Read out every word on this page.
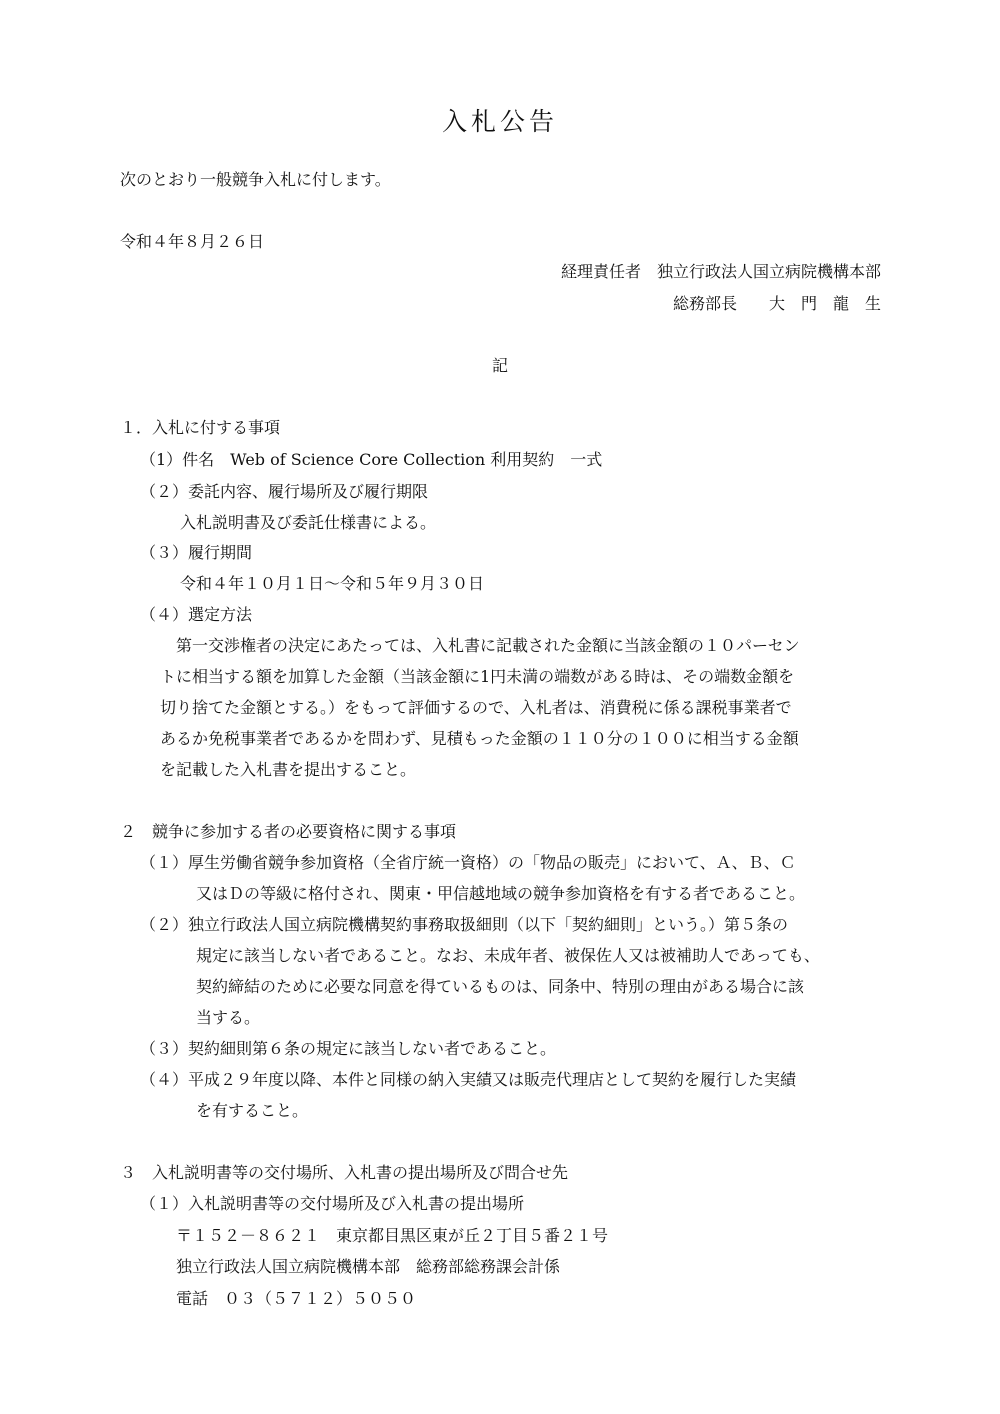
入札公告
次のとおり一般競争入札に付します。
令和４年８月２６日
経理責任者　独立行政法人国立病院機構本部
総務部長　　大　門　龍　生
記
１．入札に付する事項
（1）件名　Web of Science Core Collection 利用契約　一式
（２）委託内容、履行場所及び履行期限
入札説明書及び委託仕様書による。
（３）履行期間
令和４年１０月１日～令和５年９月３０日
（４）選定方法
第一交渉権者の決定にあたっては、入札書に記載された金額に当該金額の１０パーセン
トに相当する額を加算した金額（当該金額に1円未満の端数がある時は、その端数金額を
切り捨てた金額とする。）をもって評価するので、入札者は、消費税に係る課税事業者で
あるか免税事業者であるかを問わず、見積もった金額の１１０分の１００に相当する金額
を記載した入札書を提出すること。
２　競争に参加する者の必要資格に関する事項
（１）厚生労働省競争参加資格（全省庁統一資格）の「物品の販売」において、Ａ、Ｂ、Ｃ
又はＤの等級に格付され、関東・甲信越地域の競争参加資格を有する者であること。
（２）独立行政法人国立病院機構契約事務取扱細則（以下「契約細則」という。）第５条の
規定に該当しない者であること。なお、未成年者、被保佐人又は被補助人であっても、
契約締結のために必要な同意を得ているものは、同条中、特別の理由がある場合に該
当する。
（３）契約細則第６条の規定に該当しない者であること。
（４）平成２９年度以降、本件と同様の納入実績又は販売代理店として契約を履行した実績
を有すること。
３　入札説明書等の交付場所、入札書の提出場所及び問合せ先
（１）入札説明書等の交付場所及び入札書の提出場所
〒１５２－８６２１　東京都目黒区東が丘２丁目５番２１号
独立行政法人国立病院機構本部　総務部総務課会計係
電話　０３（５７１２）５０５０
